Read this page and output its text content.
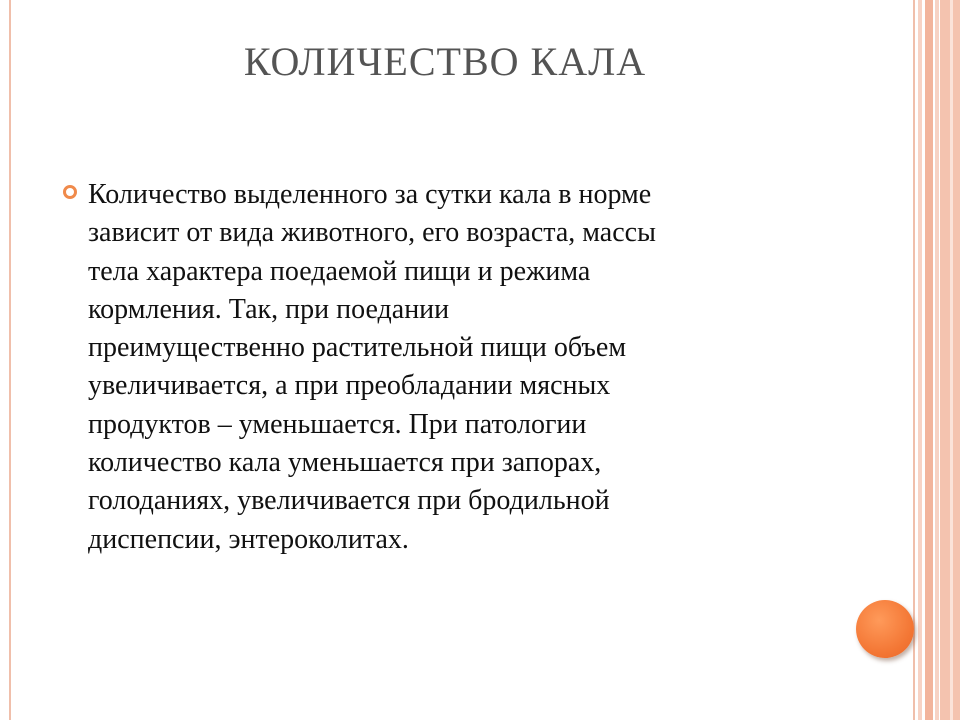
КОЛИЧЕСТВО КАЛА
Количество выделенного за сутки кала в норме
зависит от вида животного, его возраста, массы
тела характера поедаемой пищи и режима
кормления. Так, при поедании
преимущественно растительной пищи объем
увеличивается, а при преобладании мясных
продуктов – уменьшается. При патологии
количество кала уменьшается при запорах,
голоданиях, увеличивается при бродильной
диспепсии, энтероколитах.
